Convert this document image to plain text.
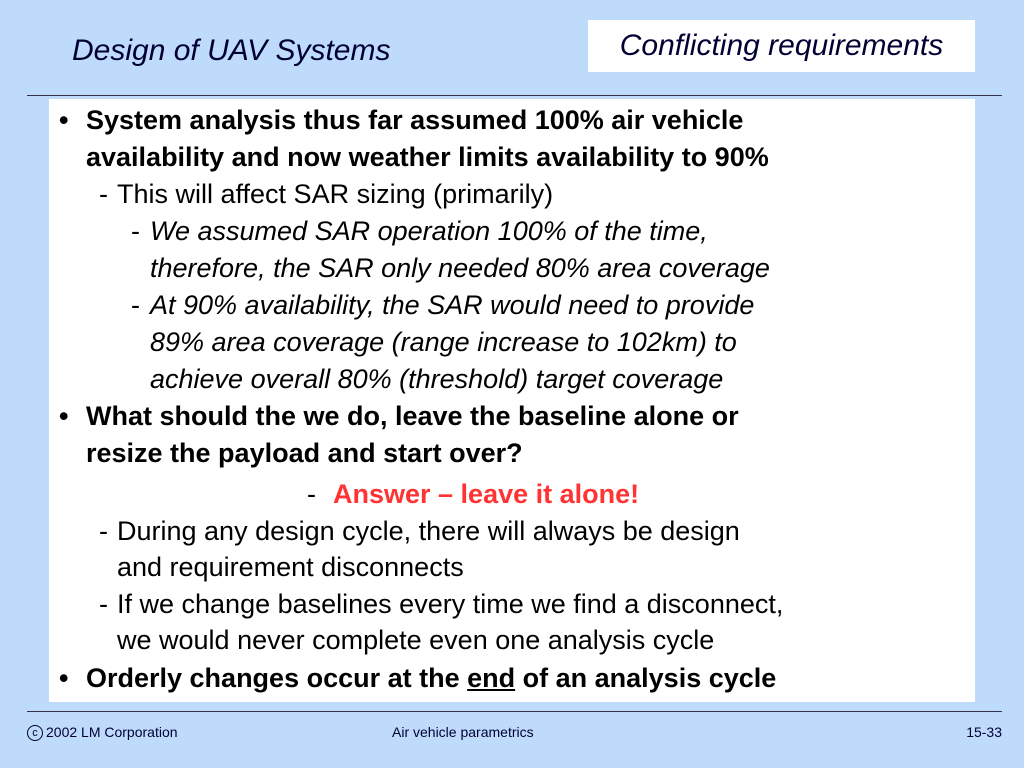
Design of UAV Systems	Conflicting requirements
• System analysis thus far assumed 100% air vehicle
availability and now weather limits availability to 90%
- This will affect SAR sizing (primarily)
- We assumed SAR operation 100% of the time,
therefore, the SAR only needed 80% area coverage
- At 90% availability, the SAR would need to provide
89% area coverage (range increase to 102km) to
achieve overall 80% (threshold) target coverage
• What should the we do, leave the baseline alone or
resize the payload and start over?
- Answer – leave it alone!
- During any design cycle, there will always be design
and requirement disconnects
- If we change baselines every time we find a disconnect,
we would never complete even one analysis cycle
• Orderly changes occur at the end of an analysis cycle
c 2002 LM Corporation	Air vehicle parametrics	15-33
